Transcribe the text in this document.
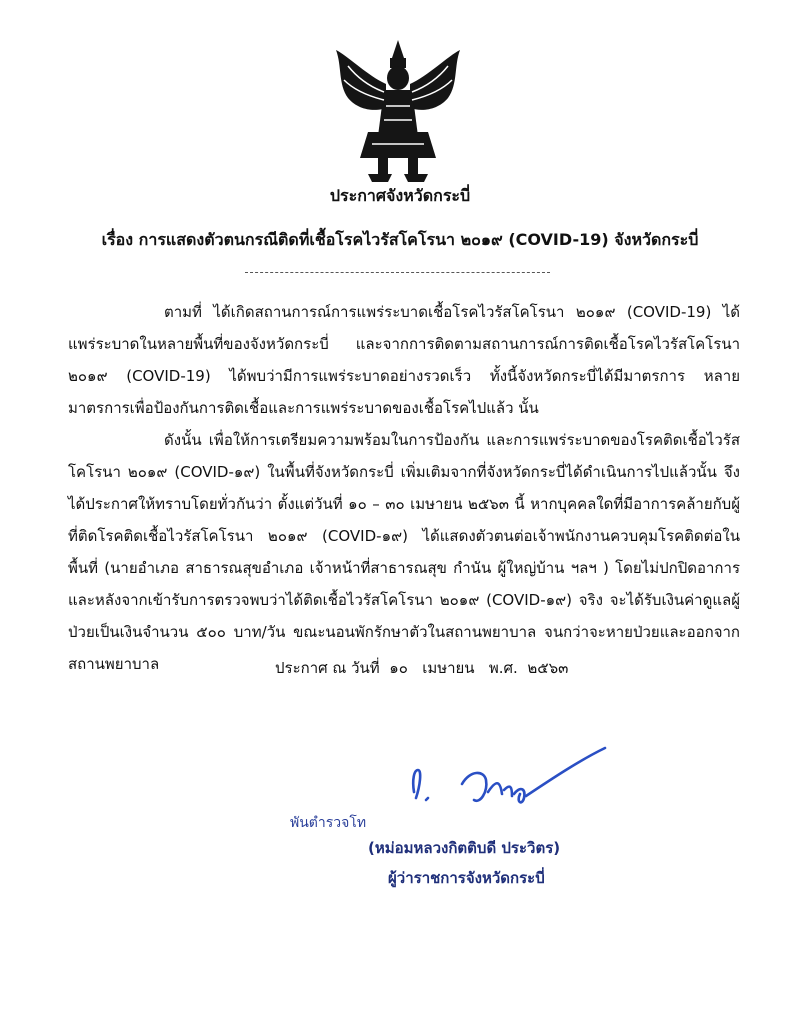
ประกาศจังหวัดกระบี่
เรื่อง การแสดงตัวตนกรณีติดที่เชื้อโรคไวรัสโคโรนา ๒๐๑๙ (COVID-19) จังหวัดกระบี่

ตามที่ ได้เกิดสถานการณ์การแพร่ระบาดเชื้อโรคไวรัสโคโรนา ๒๐๑๙ (COVID-19) ได้แพร่ระบาดในหลายพื้นที่ของจังหวัดกระบี่ และจากการติดตามสถานการณ์การติดเชื้อโรคไวรัสโคโรนา ๒๐๑๙ (COVID-19) ได้พบว่ามีการแพร่ระบาดอย่างรวดเร็ว ทั้งนี้จังหวัดกระบี่ได้มีมาตรการ หลายมาตรการเพื่อป้องกันการติดเชื้อและการแพร่ระบาดของเชื้อโรคไปแล้ว นั้น

ดังนั้น เพื่อให้การเตรียมความพร้อมในการป้องกัน และการแพร่ระบาดของโรคติดเชื้อไวรัสโคโรนา ๒๐๑๙ (COVID-๑๙) ในพื้นที่จังหวัดกระบี่ เพิ่มเติมจากที่จังหวัดกระบี่ได้ดำเนินการไปแล้วนั้น จึงได้ประกาศให้ทราบโดยทั่วกันว่า ตั้งแต่วันที่ ๑๐ – ๓๐ เมษายน ๒๕๖๓ นี้ หากบุคคลใดที่มีอาการคล้ายกับผู้ที่ติดโรคติดเชื้อไวรัสโคโรนา ๒๐๑๙ (COVID-๑๙) ได้แสดงตัวตนต่อเจ้าพนักงานควบคุมโรคติดต่อในพื้นที่ (นายอำเภอ สาธารณสุขอำเภอ เจ้าหน้าที่สาธารณสุข กำนัน ผู้ใหญ่บ้าน ฯลฯ ) โดยไม่ปกปิดอาการและหลังจากเข้ารับการตรวจพบว่าได้ติดเชื้อไวรัสโคโรนา ๒๐๑๙ (COVID-๑๙) จริง จะได้รับเงินค่าดูแลผู้ป่วยเป็นเงินจำนวน ๕๐๐ บาท/วัน ขณะนอนพักรักษาตัวในสถานพยาบาล จนกว่าจะหายป่วยและออกจากสถานพยาบาล	ประกาศ ณ วันที่  ๑๐   เมษายน   พ.ศ.  ๒๕๖๓
พันตำรวจโท
(หม่อมหลวงกิตติบดี ประวิตร)
ผู้ว่าราชการจังหวัดกระบี่
